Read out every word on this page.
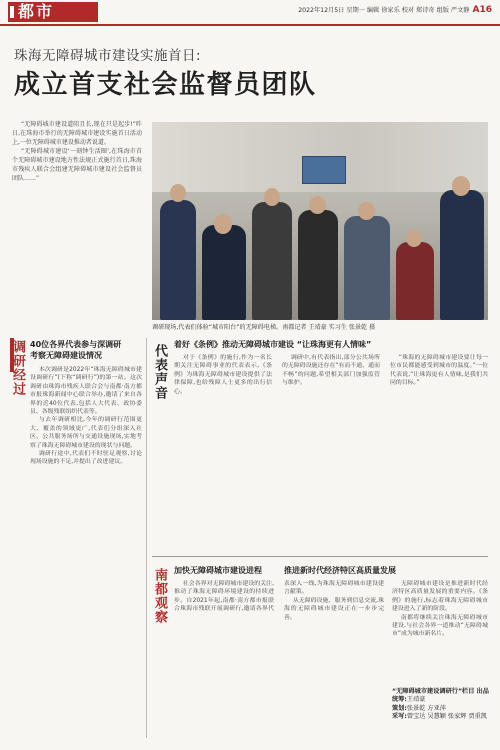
都市	2022年12月5日 星期一 编辑 徐家乐 校对 郑诗奇 组版 严文静 A16
珠海无障碍城市建设实施首日:
成立首支社会监督员团队

“无障碍城市建设道阻且长,现在只是起步!”昨日,在珠海市举行的无障碍城市建设实施首日活动上,一位无障碍城市建设推动者说道。

“无障碍城市建设‘一刻钟生活圈’,在珠海市首个无障碍城市建设地方性法规正式施行首日,珠海市残疾人联合会组建无障碍城市建设社会监督员团队……”

调研现场,代表们体验“城市阳台”的无障碍电梯。南都记者 王靖豪 实习生 张景乾 摄
调研经过 40位各界代表参与深调研
考察无障碍建设情况

本次调研是2022年“珠海无障碍城市建设调研行”(下称“调研行”)的第一站。这次调研由珠海市残疾人联合会与南都·南方都市报珠海新闻中心联合举办,邀请了来自各界的近40位代表,包括人大代表、政协委员、各级残联组织代表等。

与去年调研相比,今年的调研行范围更大、覆盖的领域更广,代表们分组深入社区、公共服务场所与交通设施现场,实地考察了珠海无障碍城市建设的现状与问题。

调研行途中,代表们不时驻足观察,讨论现场设施的不足,并提出了改进建议。

代表声音 着好《条例》推动无障碍城市建设 “让珠海更有人情味”

对于《条例》的施行,作为一名长期关注无障碍事业的代表表示,《条例》为珠海无障碍城市建设提供了法律保障,也给残障人士更多的出行信心。

调研中,有代表指出,部分公共场所的无障碍设施还存在“有而不通、通而不畅”的问题,希望相关部门加强监管与维护。

“珠海的无障碍城市建设要让每一位市民都能感受到城市的温度。”一位代表说,“让珠海更有人情味,是我们共同的目标。”

南都观察 加快无障碍城市建设进程	推进新时代经济特区高质量发展

社会各界对无障碍城市建设的关注,推动了珠海无障碍环境建设的持续进步。自2021年起,南都·南方都市报联合珠海市残联开展调研行,邀请各界代表深入一线,为珠海无障碍城市建设建言献策。

从无障碍设施、服务到信息交流,珠海的无障碍城市建设正在一步步完善。

无障碍城市建设是推进新时代经济特区高质量发展的重要内容。《条例》的施行,标志着珠海无障碍城市建设进入了新的阶段。

南都将继续关注珠海无障碍城市建设,与社会各界一道推动“无障碍城市”成为城市新名片。

“无障碍城市建设调研行”栏目 出品
统筹:王靖豪
策划:张景乾 方亚萍
采写:曾宝达 吴慧颖 张家辉 贾重凯
